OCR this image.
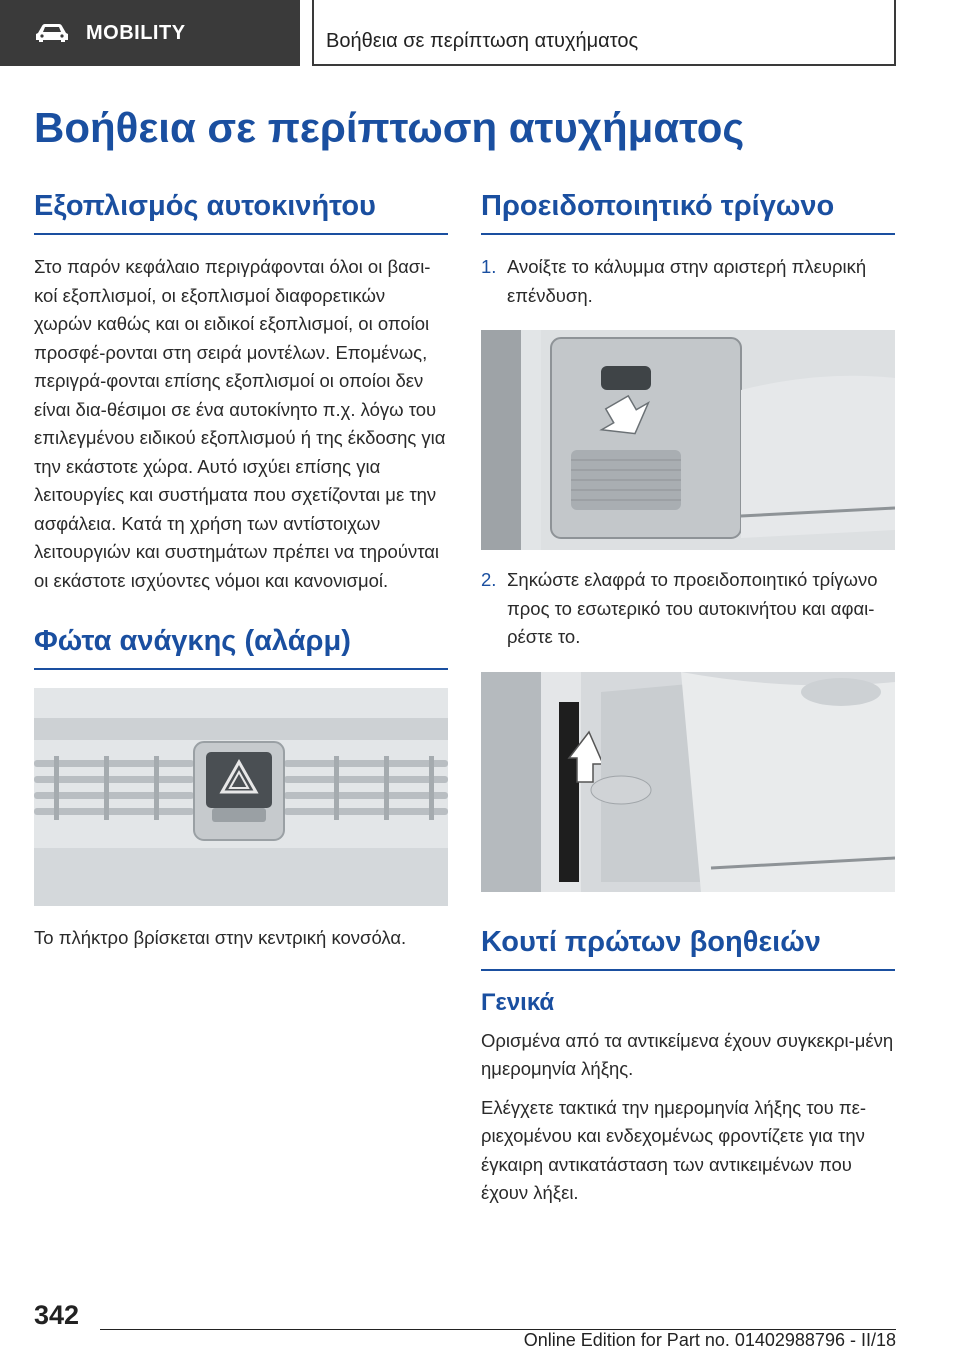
MOBILITY	Βοήθεια σε περίπτωση ατυχήματος
Βοήθεια σε περίπτωση ατυχήματος
Εξοπλισμός αυτοκινήτου
Στο παρόν κεφάλαιο περιγράφονται όλοι οι βασι-κοί εξοπλισμοί, οι εξοπλισμοί διαφορετικών χωρών καθώς και οι ειδικοί εξοπλισμοί, οι οποίοι προσφέ-ρονται στη σειρά μοντέλων. Επομένως, περιγρά-φονται επίσης εξοπλισμοί οι οποίοι δεν είναι δια-θέσιμοι σε ένα αυτοκίνητο π.χ. λόγω του επιλεγμένου ειδικού εξοπλισμού ή της έκδοσης για την εκάστοτε χώρα. Αυτό ισχύει επίσης για λειτουργίες και συστήματα που σχετίζονται με την ασφάλεια. Κατά τη χρήση των αντίστοιχων λειτουργιών και συστημάτων πρέπει να τηρούνται οι εκάστοτε ισχύοντες νόμοι και κανονισμοί.
Φώτα ανάγκης (αλάρμ)
Το πλήκτρο βρίσκεται στην κεντρική κονσόλα.
Προειδοποιητικό τρίγωνο
1. Ανοίξτε το κάλυμμα στην αριστερή πλευρική επένδυση.
2. Σηκώστε ελαφρά το προειδοποιητικό τρίγωνο προς το εσωτερικό του αυτοκινήτου και αφαι-ρέστε το.
Κουτί πρώτων βοηθειών
Γενικά
Ορισμένα από τα αντικείμενα έχουν συγκεκρι-μένη ημερομηνία λήξης.
Ελέγχετε τακτικά την ημερομηνία λήξης του πε-ριεχομένου και ενδεχομένως φροντίζετε για την έγκαιρη αντικατάσταση των αντικειμένων που έχουν λήξει.
342
Online Edition for Part no. 01402988796 - II/18
